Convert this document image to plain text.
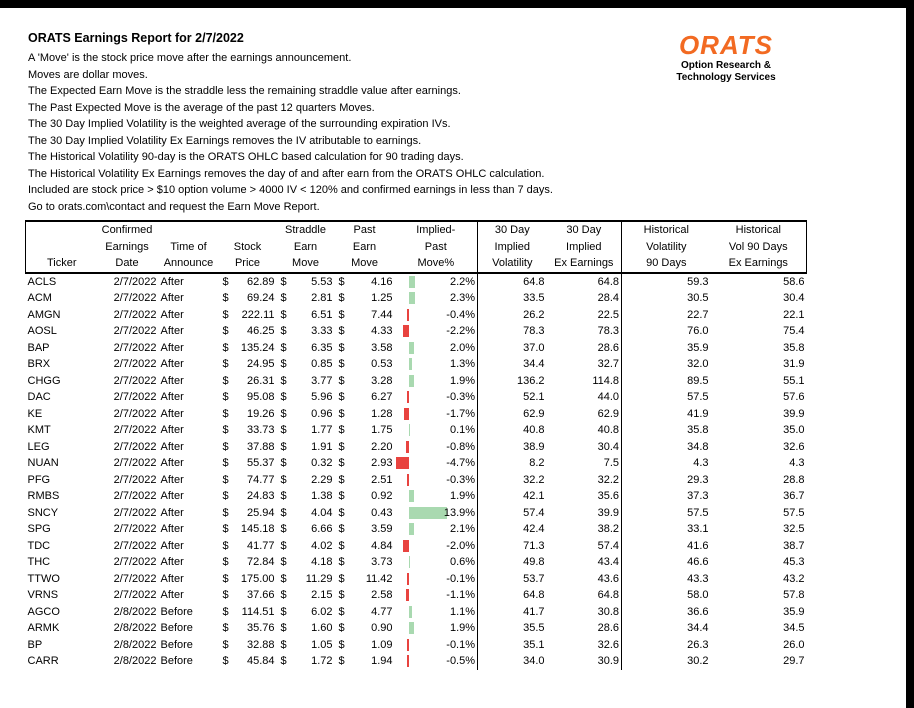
ORATS Earnings Report for 2/7/2022
A 'Move' is the stock price move after the earnings announcement.
Moves are dollar moves.
The Expected Earn Move is the straddle less the remaining straddle value after earnings.
The Past Expected Move is the average of the past 12 quarters Moves.
The 30 Day Implied Volatility is the weighted average of the surrounding expiration IVs.
The 30 Day Implied Volatility Ex Earnings removes the IV atributable to earnings.
The Historical Volatility 90-day is the ORATS OHLC based calculation for 90 trading days.
The Historical Volatility Ex Earnings removes the day of and after earn from the ORATS OHLC calculation.
Included are stock price > $10 option volume > 4000 IV < 120% and confirmed earnings in less than 7 days.
Go to orats.com\contact and request the Earn Move Report.
ORATS
Option Research &
Technology Services
	Confirmed				Straddle		Past		Implied-	30 Day	30 Day	Historical	Historical
	Earnings	Time of	Stock		Earn		Earn		Past	Implied	Implied	Volatility	Vol 90 Days
Ticker	Date	Announce	Price		Move		Move		Move%	Volatility	Ex Earnings	90 Days	Ex Earnings
ACLS	2/7/2022	After	$	62.89	$	5.53	$	4.16	2.2%	64.8	64.8	59.3	58.6
ACM	2/7/2022	After	$	69.24	$	2.81	$	1.25	2.3%	33.5	28.4	30.5	30.4
AMGN	2/7/2022	After	$	222.11	$	6.51	$	7.44	-0.4%	26.2	22.5	22.7	22.1
AOSL	2/7/2022	After	$	46.25	$	3.33	$	4.33	-2.2%	78.3	78.3	76.0	75.4
BAP	2/7/2022	After	$	135.24	$	6.35	$	3.58	2.0%	37.0	28.6	35.9	35.8
BRX	2/7/2022	After	$	24.95	$	0.85	$	0.53	1.3%	34.4	32.7	32.0	31.9
CHGG	2/7/2022	After	$	26.31	$	3.77	$	3.28	1.9%	136.2	114.8	89.5	55.1
DAC	2/7/2022	After	$	95.08	$	5.96	$	6.27	-0.3%	52.1	44.0	57.5	57.6
KE	2/7/2022	After	$	19.26	$	0.96	$	1.28	-1.7%	62.9	62.9	41.9	39.9
KMT	2/7/2022	After	$	33.73	$	1.77	$	1.75	0.1%	40.8	40.8	35.8	35.0
LEG	2/7/2022	After	$	37.88	$	1.91	$	2.20	-0.8%	38.9	30.4	34.8	32.6
NUAN	2/7/2022	After	$	55.37	$	0.32	$	2.93	-4.7%	8.2	7.5	4.3	4.3
PFG	2/7/2022	After	$	74.77	$	2.29	$	2.51	-0.3%	32.2	32.2	29.3	28.8
RMBS	2/7/2022	After	$	24.83	$	1.38	$	0.92	1.9%	42.1	35.6	37.3	36.7
SNCY	2/7/2022	After	$	25.94	$	4.04	$	0.43	13.9%	57.4	39.9	57.5	57.5
SPG	2/7/2022	After	$	145.18	$	6.66	$	3.59	2.1%	42.4	38.2	33.1	32.5
TDC	2/7/2022	After	$	41.77	$	4.02	$	4.84	-2.0%	71.3	57.4	41.6	38.7
THC	2/7/2022	After	$	72.84	$	4.18	$	3.73	0.6%	49.8	43.4	46.6	45.3
TTWO	2/7/2022	After	$	175.00	$	11.29	$	11.42	-0.1%	53.7	43.6	43.3	43.2
VRNS	2/7/2022	After	$	37.66	$	2.15	$	2.58	-1.1%	64.8	64.8	58.0	57.8
AGCO	2/8/2022	Before	$	114.51	$	6.02	$	4.77	1.1%	41.7	30.8	36.6	35.9
ARMK	2/8/2022	Before	$	35.76	$	1.60	$	0.90	1.9%	35.5	28.6	34.4	34.5
BP	2/8/2022	Before	$	32.88	$	1.05	$	1.09	-0.1%	35.1	32.6	26.3	26.0
CARR	2/8/2022	Before	$	45.84	$	1.72	$	1.94	-0.5%	34.0	30.9	30.2	29.7
